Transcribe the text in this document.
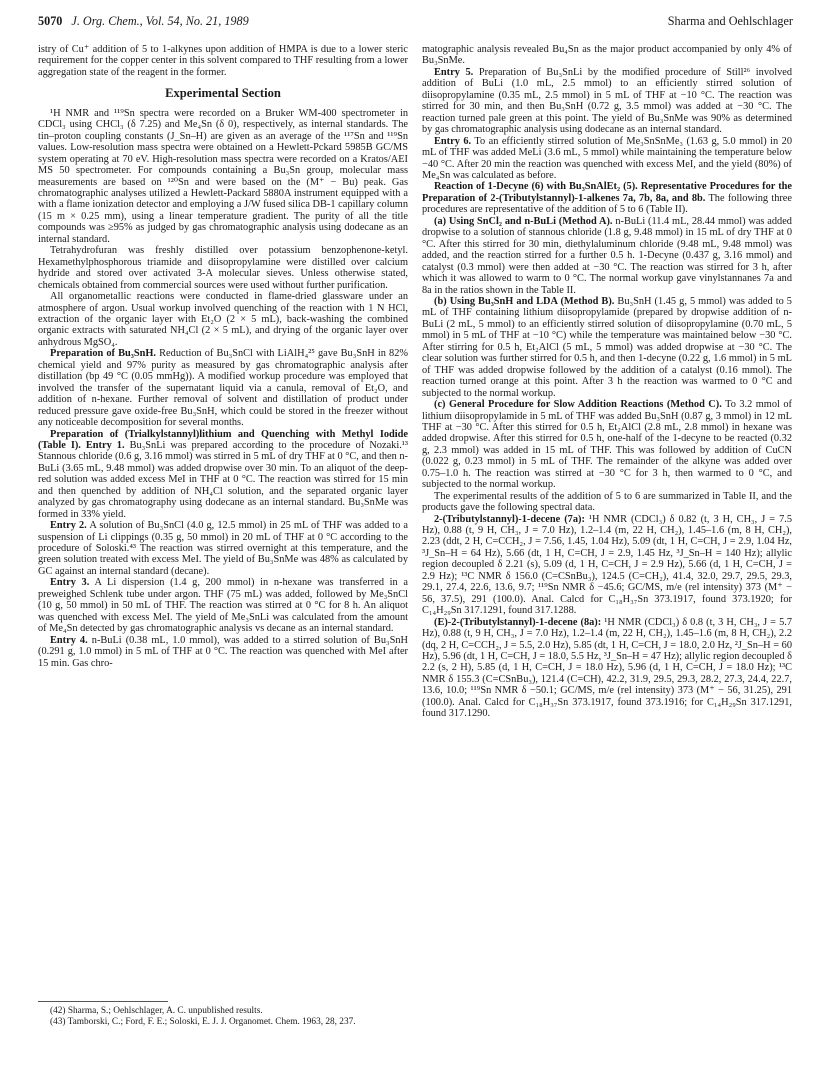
5070 J. Org. Chem., Vol. 54, No. 21, 1989	Sharma and Oehlschlager

istry of Cu⁺ addition of 5 to 1-alkynes upon addition of HMPA is due to a lower steric requirement for the copper center in this solvent compared to THF resulting from a lower aggregation state of the reagent in the former.

Experimental Section

¹H NMR and ¹¹⁹Sn spectra were recorded on a Bruker WM-400 spectrometer in CDCl₃ using CHCl₃ (δ 7.25) and Me₄Sn (δ 0), respectively, as internal standards. The tin–proton coupling constants (J_Sn–H) are given as an average of the ¹¹⁷Sn and ¹¹⁹Sn values. Low-resolution mass spectra were obtained on a Hewlett-Pckard 5985B GC/MS system operating at 70 eV. High-resolution mass spectra were recorded on a Kratos/AEI MS 50 spectrometer. For compounds containing a Bu₃Sn group, molecular mass measurements are based on ¹²⁰Sn and were based on the (M⁺ − Bu) peak. Gas chromatographic analyses utilized a Hewlett-Packard 5880A instrument equipped with a with a flame ionization detector and employing a J/W fused silica DB-1 capillary column (15 m × 0.25 mm), using a linear temperature gradient. The purity of all the title compounds was ≥95% as judged by gas chromatographic analysis using dodecane as an internal standard.

Tetrahydrofuran was freshly distilled over potassium benzophenone-ketyl. Hexamethylphosphorous triamide and diisopropylamine were distilled over calcium hydride and stored over activated 3-A molecular sieves. Unless otherwise stated, chemicals obtained from commercial sources were used without further purification.

All organometallic reactions were conducted in flame-dried glassware under an atmosphere of argon. Usual workup involved quenching of the reaction with 1 N HCl, extraction of the organic layer with Et₂O (2 × 5 mL), back-washing the combined organic extracts with saturated NH₄Cl (2 × 5 mL), and drying of the organic layer over anhydrous MgSO₄.

Preparation of Bu₃SnH. Reduction of Bu₃SnCl with LiAlH₄²⁵ gave Bu₃SnH in 82% chemical yield and 97% purity as measured by gas chromatographic analysis after distillation (bp 49 °C (0.05 mmHg)). A modified workup procedure was employed that involved the transfer of the supernatant liquid via a canula, removal of Et₂O, and addition of n-hexane. Further removal of solvent and distillation of product under reduced pressure gave oxide-free Bu₃SnH, which could be stored in the freezer without any noticeable decomposition for several months.

Preparation of (Trialkylstannyl)lithium and Quenching with Methyl Iodide (Table I). Entry 1. Bu₃SnLi was prepared according to the procedure of Nozaki.¹³ Stannous chloride (0.6 g, 3.16 mmol) was stirred in 5 mL of dry THF at 0 °C, and then n-BuLi (3.65 mL, 9.48 mmol) was added dropwise over 30 min. To an aliquot of the deep-red solution was added excess MeI in THF at 0 °C. The reaction was stirred for 15 min and then quenched by addition of NH₄Cl solution, and the separated organic layer analyzed by gas chromatography using dodecane as an internal standard. Bu₃SnMe was formed in 33% yield.

Entry 2. A solution of Bu₃SnCl (4.0 g, 12.5 mmol) in 25 mL of THF was added to a suspension of Li clippings (0.35 g, 50 mmol) in 20 mL of THF at 0 °C according to the procedure of Soloski.⁴³ The reaction was stirred overnight at this temperature, and the green solution treated with excess MeI. The yield of Bu₃SnMe was 48% as calculated by GC against an internal standard (decane).

Entry 3. A Li dispersion (1.4 g, 200 mmol) in n-hexane was transferred in a preweighed Schlenk tube under argon. THF (75 mL) was added, followed by Me₃SnCl (10 g, 50 mmol) in 50 mL of THF. The reaction was stirred at 0 °C for 8 h. An aliquot was quenched with excess MeI. The yield of Me₃SnLi was calculated from the amount of Me₄Sn detected by gas chromatographic analysis vs decane as an internal standard.

Entry 4. n-BuLi (0.38 mL, 1.0 mmol), was added to a stirred solution of Bu₃SnH (0.291 g, 1.0 mmol) in 5 mL of THF at 0 °C. The reaction was quenched with MeI after 15 min. Gas chro-

(42) Sharma, S.; Oehlschlager, A. C. unpublished results.

(43) Tamborski, C.; Ford, F. E.; Soloski, E. J. J. Organomet. Chem. 1963, 28, 237.

matographic analysis revealed Bu₄Sn as the major product accompanied by only 4% of Bu₃SnMe.

Entry 5. Preparation of Bu₃SnLi by the modified procedure of Still²⁶ involved addition of BuLi (1.0 mL, 2.5 mmol) to an efficiently stirred solution of diisopropylamine (0.35 mL, 2.5 mmol) in 5 mL of THF at −10 °C. The reaction was stirred for 30 min, and then Bu₃SnH (0.72 g, 3.5 mmol) was added at −30 °C. The reaction turned pale green at this point. The yield of Bu₃SnMe was 90% as determined by gas chromatographic analysis using dodecane as an internal standard.

Entry 6. To an efficiently stirred solution of Me₃SnSnMe₃ (1.63 g, 5.0 mmol) in 20 mL of THF was added MeLi (3.6 mL, 5 mmol) while maintaining the temperature below −40 °C. After 20 min the reaction was quenched with excess MeI, and the yield (80%) of Me₄Sn was calculated as before.

Reaction of 1-Decyne (6) with Bu₃SnAlEt₂ (5). Representative Procedures for the Preparation of 2-(Tributylstannyl)-1-alkenes 7a, 7b, 8a, and 8b. The following three procedures are representative of the addition of 5 to 6 (Table II).

(a) Using SnCl₂ and n-BuLi (Method A). n-BuLi (11.4 mL, 28.44 mmol) was added dropwise to a solution of stannous chloride (1.8 g, 9.48 mmol) in 15 mL of dry THF at 0 °C. After this stirred for 30 min, diethylaluminum chloride (9.48 mL, 9.48 mmol) was added, and the reaction stirred for a further 0.5 h. 1-Decyne (0.437 g, 3.16 mmol) and catalyst (0.3 mmol) were then added at −30 °C. The reaction was stirred for 3 h, after which it was allowed to warm to 0 °C. The normal workup gave vinylstannanes 7a and 8a in the ratios shown in the Table II.

(b) Using Bu₃SnH and LDA (Method B). Bu₃SnH (1.45 g, 5 mmol) was added to 5 mL of THF containing lithium diisopropylamide (prepared by dropwise addition of n-BuLi (2 mL, 5 mmol) to an efficiently stirred solution of diisopropylamine (0.70 mL, 5 mmol) in 5 mL of THF at −10 °C) while the temperature was maintained below −30 °C. After stirring for 0.5 h, Et₂AlCl (5 mL, 5 mmol) was added dropwise at −30 °C. The clear solution was further stirred for 0.5 h, and then 1-decyne (0.22 g, 1.6 mmol) in 5 mL of THF was added dropwise followed by the addition of a catalyst (0.16 mmol). The reaction turned orange at this point. After 3 h the reaction was warmed to 0 °C and subjected to the normal workup.

(c) General Procedure for Slow Addition Reactions (Method C). To 3.2 mmol of lithium diisopropylamide in 5 mL of THF was added Bu₃SnH (0.87 g, 3 mmol) in 12 mL THF at −30 °C. After this stirred for 0.5 h, Et₂AlCl (2.8 mL, 2.8 mmol) in hexane was added dropwise. After this stirred for 0.5 h, one-half of the 1-decyne to be reacted (0.32 g, 2.3 mmol) was added in 15 mL of THF. This was followed by addition of CuCN (0.022 g, 0.23 mmol) in 5 mL of THF. The remainder of the alkyne was added over 0.75–1.0 h. The reaction was stirred at −30 °C for 3 h, then warmed to 0 °C, and subjected to the normal workup.

The experimental results of the addition of 5 to 6 are summarized in Table II, and the products gave the following spectral data.

2-(Tributylstannyl)-1-decene (7a): ¹H NMR (CDCl₃) δ 0.82 (t, 3 H, CH₃, J = 7.5 Hz), 0.88 (t, 9 H, CH₃, J = 7.0 Hz), 1.2–1.4 (m, 22 H, CH₂), 1.45–1.6 (m, 8 H, CH₂), 2.23 (ddt, 2 H, C=CCH₂, J = 7.56, 1.45, 1.04 Hz), 5.09 (dt, 1 H, C=CH, J = 2.9, 1.04 Hz, ³J_Sn–H = 64 Hz), 5.66 (dt, 1 H, C=CH, J = 2.9, 1.45 Hz, ³J_Sn–H = 140 Hz); allylic region decoupled δ 2.21 (s), 5.09 (d, 1 H, C=CH, J = 2.9 Hz), 5.66 (d, 1 H, C=CH, J = 2.9 Hz); ¹³C NMR δ 156.0 (C=CSnBu₃), 124.5 (C=CH₂), 41.4, 32.0, 29.7, 29.5, 29.3, 29.1, 27.4, 22.6, 13.6, 9.7; ¹¹⁹Sn NMR δ −45.6; GC/MS, m/e (rel intensity) 373 (M⁺ − 56, 37.5), 291 (100.0). Anal. Calcd for C₁₈H₃₇Sn 373.1917, found 373.1920; for C₁₄H₂₉Sn 317.1291, found 317.1288.

(E)-2-(Tributylstannyl)-1-decene (8a): ¹H NMR (CDCl₃) δ 0.8 (t, 3 H, CH₃, J = 5.7 Hz), 0.88 (t, 9 H, CH₃, J = 7.0 Hz), 1.2–1.4 (m, 22 H, CH₂), 1.45–1.6 (m, 8 H, CH₂), 2.2 (dq, 2 H, C=CCH₂, J = 5.5, 2.0 Hz), 5.85 (dt, 1 H, C=CH, J = 18.0, 2.0 Hz, ²J_Sn–H = 60 Hz), 5.96 (dt, 1 H, C=CH, J = 18.0, 5.5 Hz, ³J_Sn–H = 47 Hz); allylic region decoupled δ 2.2 (s, 2 H), 5.85 (d, 1 H, C=CH, J = 18.0 Hz), 5.96 (d, 1 H, C=CH, J = 18.0 Hz); ¹³C NMR δ 155.3 (C=CSnBu₃), 121.4 (C=CH), 42.2, 31.9, 29.5, 29.3, 28.2, 27.3, 24.4, 22.7, 13.6, 10.0; ¹¹⁹Sn NMR δ −50.1; GC/MS, m/e (rel intensity) 373 (M⁺ − 56, 31.25), 291 (100.0). Anal. Calcd for C₁₈H₃₇Sn 373.1917, found 373.1916; for C₁₄H₂₉Sn 317.1291, found 317.1290.
